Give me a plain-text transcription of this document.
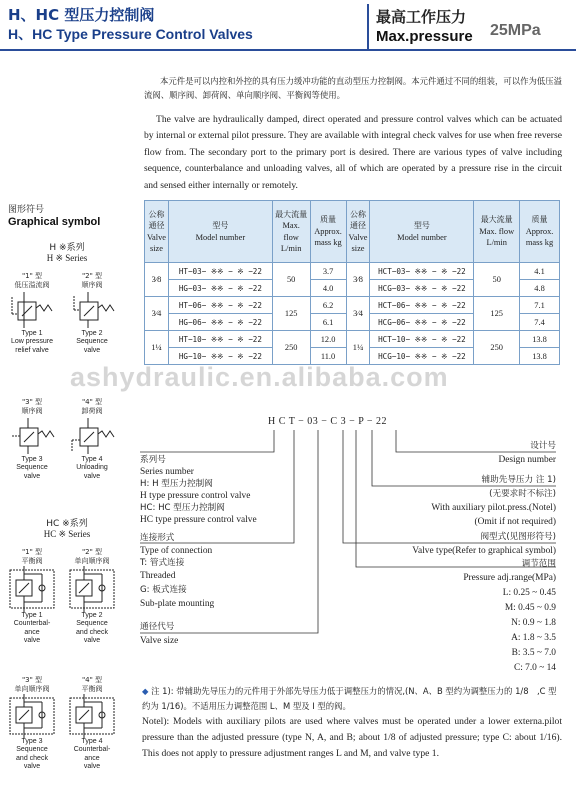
H、HC 型压力控制阀
H、HC Type Pressure Control Valves
最高工作压力
Max.pressure 25MPa
本元件是可以内控和外控的具有压力缓冲功能的直动型压力控制阀。本元件通过不同的组装，可以作为低压溢流阀、顺序阀、卸荷阀、单向顺序阀、平衡阀等使用。
The valve are hydraulically damped, direct operated and pressure control valves which can be actuated by internal or external pilot pressure. They are available with integral check valves for use when free reverse flow from. The secondary port to the primary port is desired. There are various types of valve including sequence, counterbalance and unloading valves, all of which are operated by a pressure rise in the circuit and sensed either internally or remotely.
图形符号
Graphical symbol
公称通径
Valve size	型号
Model number	最大流量
Max. flow L/min	质量
Approx. mass kg	公称通径
Valve size	型号
Model number	最大流量
Max. flow L/min	质量
Approx. mass kg
3⁄8	HT−03− ※※ − ※ −22	50	3.7	3⁄8	HCT−03− ※※ − ※ −22	50	4.1
	HG−03− ※※ − ※ −22		4.0		HCG−03− ※※ − ※ −22		4.8
3⁄4	HT−06− ※※ − ※ −22	125	6.2	3⁄4	HCT−06− ※※ − ※ −22	125	7.1
	HG−06− ※※ − ※ −22		6.1		HCG−06− ※※ − ※ −22		7.4
1¼	HT−10− ※※ − ※ −22	250	12.0	1¼	HCT−10− ※※ − ※ −22	250	13.8
	HG−10− ※※ − ※ −22		11.0		HCG−10− ※※ − ※ −22		13.8
H ※系列
H ※ Series
"1" 型
低压溢流阀
Type 1
Low pressure
relief valve
"2" 型
顺序阀
Type 2
Sequence
valve
"3" 型
顺序阀
Type 3
Sequence
valve
"4" 型
卸荷阀
Type 4
Unloading
valve
HC ※系列
HC ※ Series
"1" 型
平衡阀
Type 1
Counterbal-
ance
valve
"2" 型
单向顺序阀
Type 2
Sequence
and check
valve
"3" 型
单向顺序阀
Type 3
Sequence
and check
valve
"4" 型
平衡阀
Type 4
Counterbal-
ance
valve
ashydraulic.en.alibaba.com
H C T − 03 − C 3 − P − 22
系列号
Series number
H: H 型压力控制阀
H type pressure control valve
HC: HC 型压力控制阀
HC type pressure control valve
连接形式
Type of connection
T: 管式连接
Threaded
G: 板式连接
Sub-plate mounting
通径代号
Valve size
设计号
Design number
辅助先导压力 注 1)
(无要求时不标注)
With auxiliary pilot.press.(Notel)
(Omit if not required)
阀型式(见图形符号)
Valve type(Refer to graphical symbol)
调节范围
Pressure adj.range(MPa)
L: 0.25 ~ 0.45
M: 0.45 ~ 0.9
N: 0.9 ~ 1.8
A: 1.8 ~ 3.5
B: 3.5 ~ 7.0
C: 7.0 ~ 14
◆ 注 1): 带辅助先导压力的元件用于外部先导压力低于调整压力的情况,(N、A、B 型约为调整压力的 1/8　,C 型约为 1/16)。不适用压力调整范围 L、M 型及 I 型的阀。
Notel): Models with auxiliary pilots are used where valves must be operated under a lower externa.pilot pressure than the adjusted pressure (type N, A, and B; about 1/8 of adjusted pressure; type C: about 1/16). This does not apply to pressure adjustment ranges L and M, and valve type 1.
